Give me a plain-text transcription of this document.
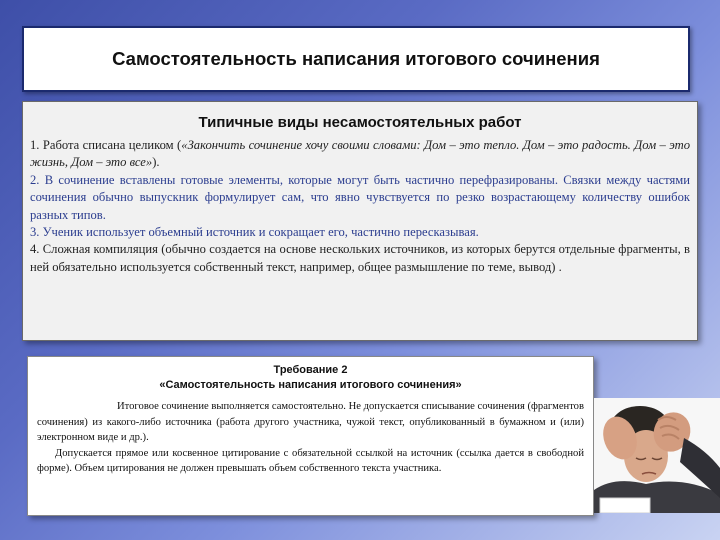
Самостоятельность написания итогового сочинения
Типичные виды несамостоятельных работ

1. Работа списана целиком («Закончить сочинение хочу своими словами: Дом – это тепло. Дом – это радость. Дом – это жизнь, Дом – это все»).

2. В сочинение вставлены готовые элементы, которые могут быть частично перефразированы. Связки между частями сочинения обычно выпускник формулирует сам, что явно чувствуется по резко возрастающему количеству ошибок разных типов.

3. Ученик использует объемный источник и сокращает его, частично пересказывая.

4. Сложная компиляция (обычно создается на основе нескольких источников, из которых берутся отдельные фрагменты, в ней обязательно используется собственный текст, например, общее размышление по теме, вывод) .

Требование 2

«Самостоятельность написания итогового сочинения»

Итоговое сочинение выполняется самостоятельно. Не допускается списывание сочинения (фрагментов сочинения) из какого-либо источника (работа другого участника, чужой текст, опубликованный в бумажном и (или) электронном виде и др.).

Допускается прямое или косвенное цитирование с обязательной ссылкой на источник (ссылка дается в свободной форме). Объем цитирования не должен превышать объем собственного текста участника.
